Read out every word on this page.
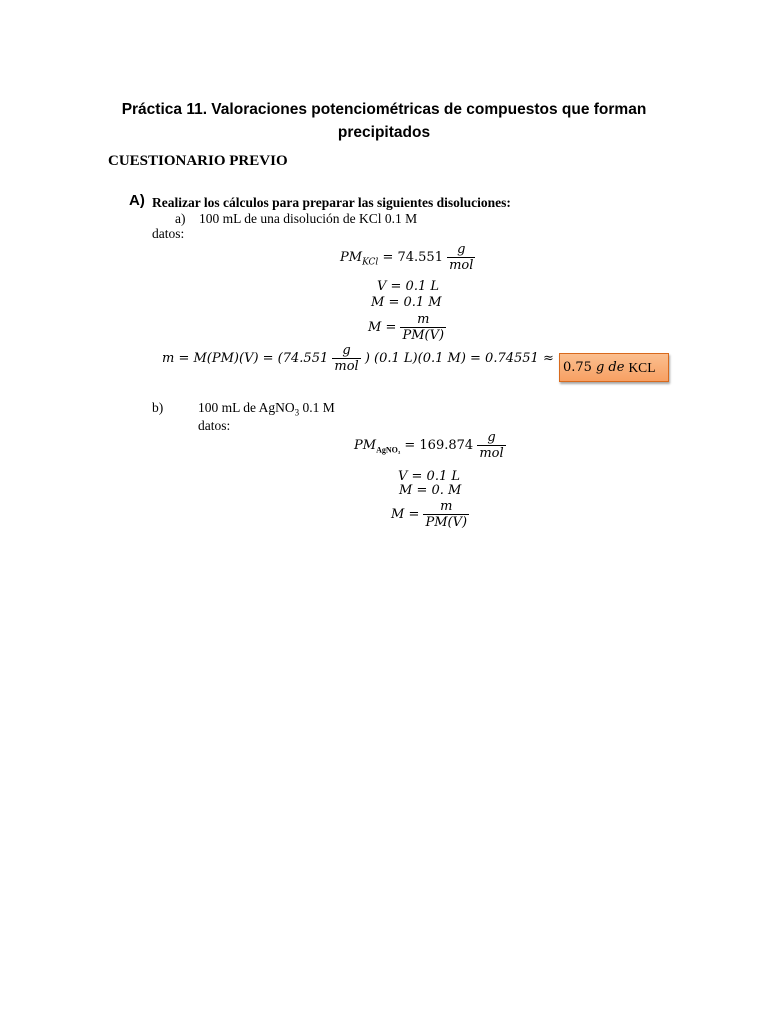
Práctica 11. Valoraciones potenciométricas de compuestos que forman
precipitados
CUESTIONARIO PREVIO
A) Realizar los cálculos para preparar las siguientes disoluciones:
a) 100 mL de una disolución de KCl 0.1 M
datos:
$PM_{KCl} = 74.551 \frac{g}{\text{mol}}$
V = 0.1 L
M = 0.1 M
$M = \frac{m}{PM(V)}$
$m = M(PM)(V) = (74.551 \frac{g}{\text{mol}}$ ) (0.1 L)(0.1 M) = 0.74551 ≈
0.75 g de KCL
b)	100 mL de AgNO$_3$ 0.1 M
datos:
$PM_{AgNO_3} = 169.874 \frac{g}{\text{mol}}$
V = 0.1 L
M = 0. M
$M = \frac{m}{PM(V)}$
